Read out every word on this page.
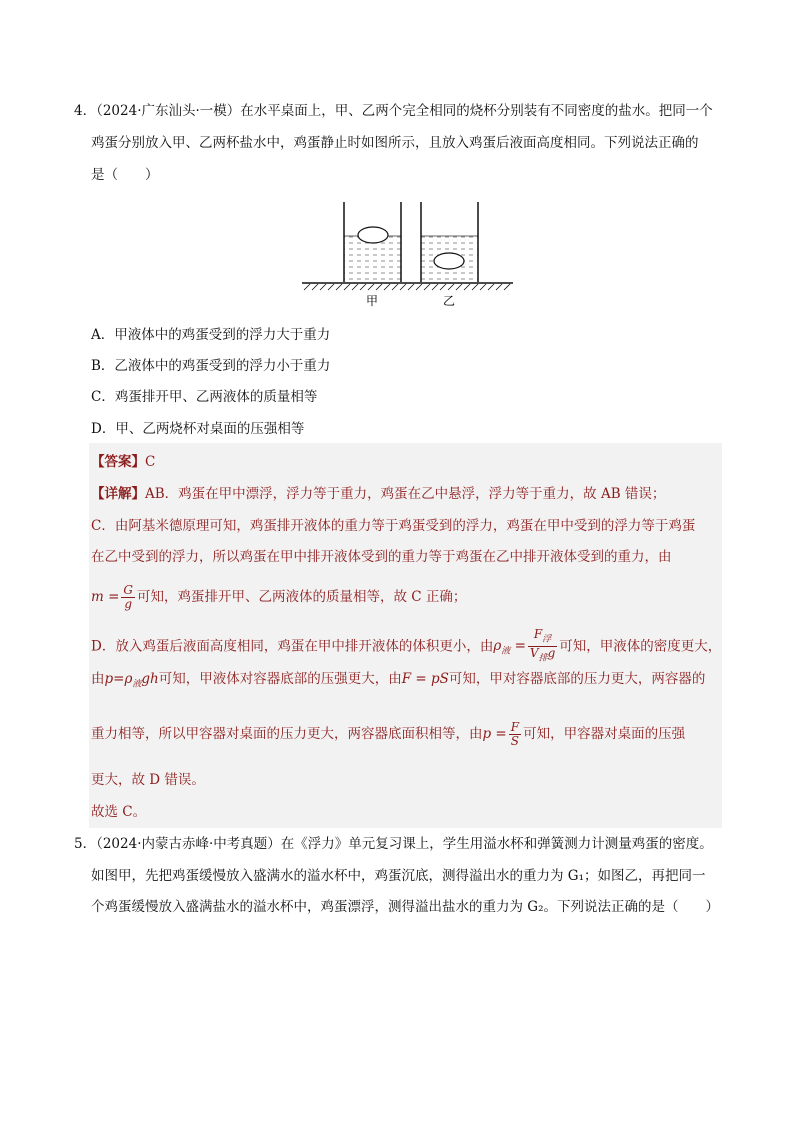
4．（2024·广东汕头·一模）在水平桌面上，甲、乙两个完全相同的烧杯分别装有不同密度的盐水。把同一个
鸡蛋分别放入甲、乙两杯盐水中，鸡蛋静止时如图所示，且放入鸡蛋后液面高度相同。下列说法正确的
是（　　）
甲	乙
A．甲液体中的鸡蛋受到的浮力大于重力
B．乙液体中的鸡蛋受到的浮力小于重力
C．鸡蛋排开甲、乙两液体的质量相等
D．甲、乙两烧杯对桌面的压强相等
【答案】C
【详解】AB．鸡蛋在甲中漂浮，浮力等于重力，鸡蛋在乙中悬浮，浮力等于重力，故 AB 错误；
C．由阿基米德原理可知，鸡蛋排开液体的重力等于鸡蛋受到的浮力，鸡蛋在甲中受到的浮力等于鸡蛋
在乙中受到的浮力，所以鸡蛋在甲中排开液体受到的重力等于鸡蛋在乙中排开液体受到的重力，由
$m = \frac{G}{g}$ 可知，鸡蛋排开甲、乙两液体的质量相等，故 C 正确；
D．放入鸡蛋后液面高度相同，鸡蛋在甲中排开液体的体积更小，由$\rho_液 = \frac{F_浮}{V_排g}$ 可知，甲液体的密度更大，
由$p=\rho_液gh$可知，甲液体对容器底部的压强更大，由F = pS可知，甲对容器底部的压力更大，两容器的
重力相等，所以甲容器对桌面的压力更大，两容器底面积相等，由$p = \frac{F}{S}$ 可知，甲容器对桌面的压强
更大，故 D 错误。
故选 C。
5．（2024·内蒙古赤峰·中考真题）在《浮力》单元复习课上，学生用溢水杯和弹簧测力计测量鸡蛋的密度。
如图甲，先把鸡蛋缓慢放入盛满水的溢水杯中，鸡蛋沉底，测得溢出水的重力为 G₁；如图乙，再把同一
个鸡蛋缓慢放入盛满盐水的溢水杯中，鸡蛋漂浮，测得溢出盐水的重力为 G₂。下列说法正确的是（　　）
